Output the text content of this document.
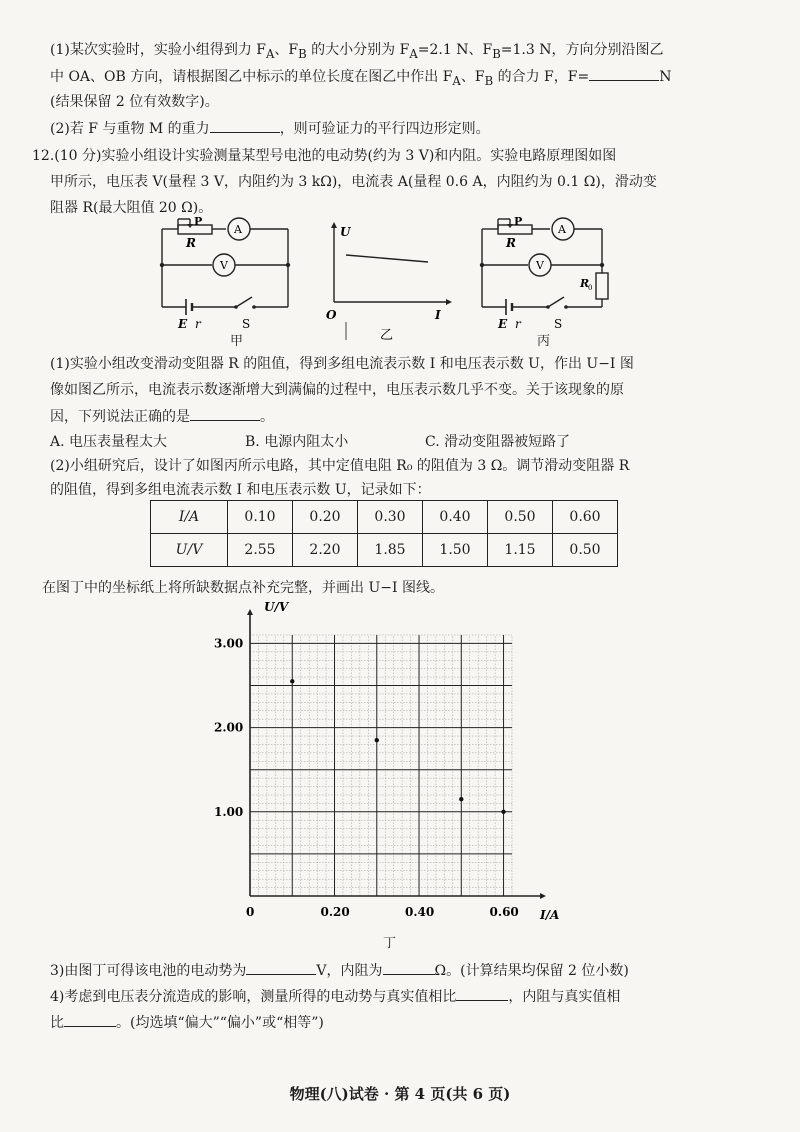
(1)某次实验时，实验小组得到力 $F_A$、$F_B$ 的大小分别为 $F_A=2.1$ N、$F_B=1.3$ N，方向分别沿图乙
中 OA、OB 方向，请根据图乙中标示的单位长度在图乙中作出 $F_A$、$F_B$ 的合力 F，F=	N
(结果保留 2 位有效数字)。
(2)若 F 与重物 M 的重力	，则可验证力的平行四边形定则。
12.(10 分)实验小组设计实验测量某型号电池的电动势(约为 3 V)和内阻。实验电路原理图如图
甲所示，电压表 V(量程 3 V，内阻约为 3 kΩ)，电流表 A(量程 0.6 A，内阻约为 0.1 Ω)，滑动变
阻器 R(最大阻值 20 Ω)。
P
R
A
V
E r	S
甲
U
O	I
乙
P
R
A
V
R
0
E r	S
丙
(1)实验小组改变滑动变阻器 R 的阻值，得到多组电流表示数 I 和电压表示数 U，作出 U−I 图
像如图乙所示，电流表示数逐渐增大到满偏的过程中，电压表示数几乎不变。关于该现象的原
因，下列说法正确的是	。
A. 电压表量程太大	B. 电源内阻太小	C. 滑动变阻器被短路了
(2)小组研究后，设计了如图丙所示电路，其中定值电阻 R₀ 的阻值为 3 Ω。调节滑动变阻器 R
的阻值，得到多组电流表示数 I 和电压表示数 U，记录如下：
I/A	0.10	0.20	0.30	0.40	0.50	0.60
U/V	2.55	2.20	1.85	1.50	1.15	0.50
在图丁中的坐标纸上将所缺数据点补充完整，并画出 U−I 图线。
0	0.20	0.40	0.60
1.00
2.00
3.00
U/V
I/A
丁
3)由图丁可得该电池的电动势为	V，内阻为	Ω。(计算结果均保留 2 位小数)
4)考虑到电压表分流造成的影响，测量所得的电动势与真实值相比	，内阻与真实值相
比	。(均选填“偏大”“偏小”或“相等”)
物理(八)试卷 · 第 4 页(共 6 页)
